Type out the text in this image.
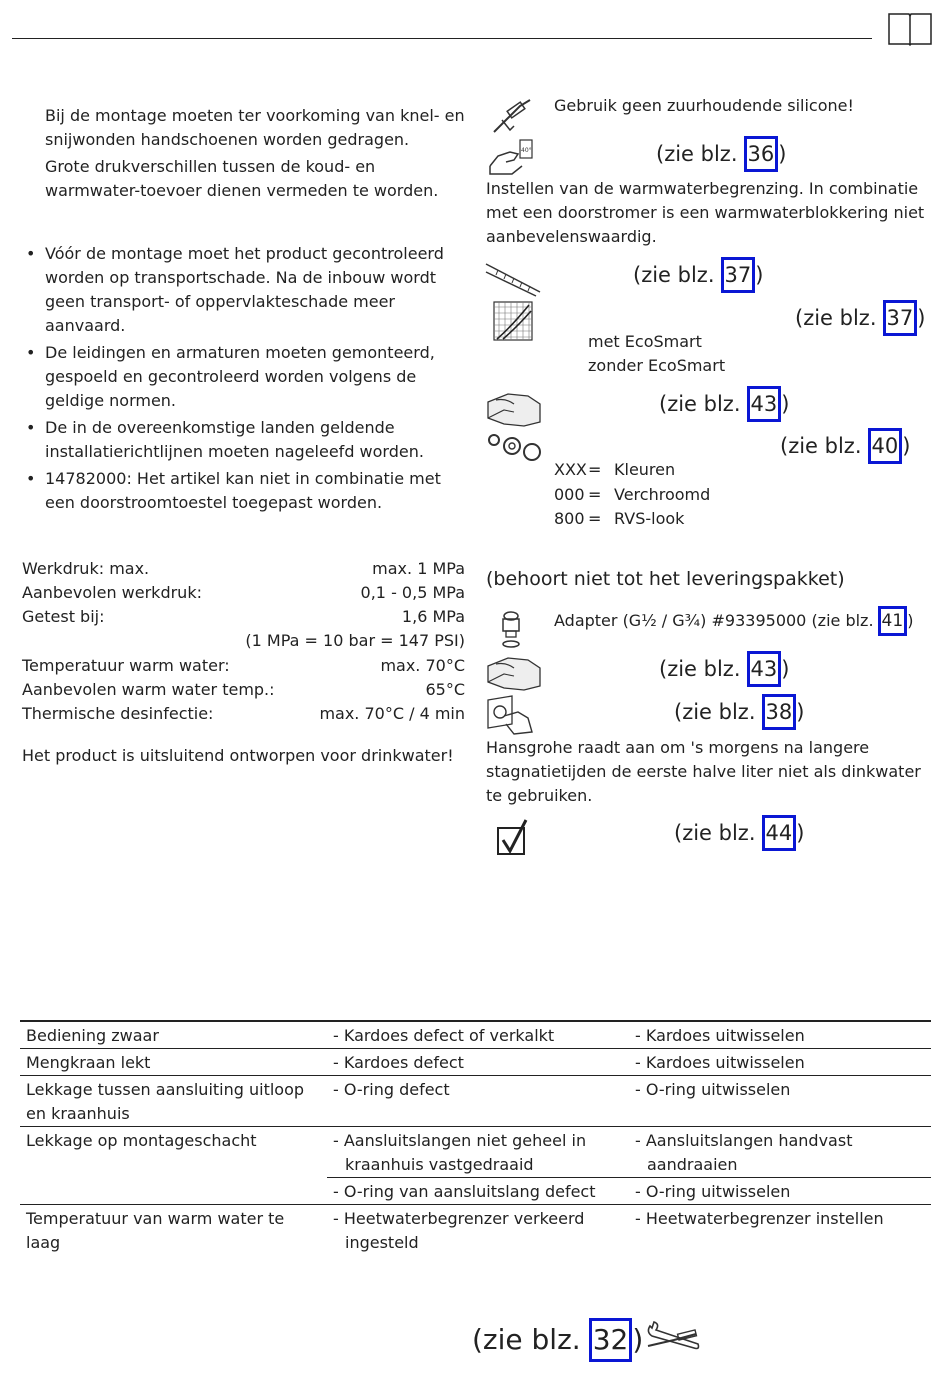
Bij de montage moeten ter voorkoming van knel- en snijwonden handschoenen worden gedragen.

Grote drukverschillen tussen de koud- en warmwater-toevoer dienen vermeden te worden.

• Vóór de montage moet het product gecontroleerd worden op transportschade. Na de inbouw wordt geen transport- of oppervlakteschade meer aanvaard.
• De leidingen en armaturen moeten gemonteerd, gespoeld en gecontroleerd worden volgens de geldige normen.
• De in de overeenkomstige landen geldende installatierichtlijnen moeten nageleefd worden.
• 14782000: Het artikel kan niet in combinatie met een doorstroomtoestel toegepast worden.
Werkdruk: max.	max. 1 MPa
Aanbevolen werkdruk:	0,1 - 0,5 MPa
Getest bij:	1,6 MPa
(1 MPa = 10 bar = 147 PSI)
Temperatuur warm water:	max. 70°C
Aanbevolen warm water temp.:	65°C
Thermische desinfectie:	max. 70°C / 4 min

Het product is uitsluitend ontworpen voor drinkwater!

Gebruik geen zuurhoudende silicone!
40°	(zie blz. 36 )

Instellen van de warmwaterbegrenzing. In combinatie met een doorstromer is een warmwaterblokkering niet aanbevelenswaardig.

(zie blz. 37 )
(zie blz. 37 )
met EcoSmart
zonder EcoSmart
(zie blz. 43 )
(zie blz. 40 )
XXX= Kleuren
000 = Verchroomd
800 = RVS-look
(behoort niet tot het leveringspakket)
Adapter (G½ / G¾) #93395000 (zie blz. 41 )
(zie blz. 43 )
(zie blz. 38 )

Hansgrohe raadt aan om 's morgens na langere stagnatietijden de eerste halve liter niet als dinkwater te gebruiken.

(zie blz. 44 )
Bediening zwaar	- Kardoes defect of verkalkt	- Kardoes uitwisselen

Mengkraan lekt	- Kardoes defect	- Kardoes uitwisselen

Lekkage tussen aansluiting uitloop en kraanhuis	- O-ring defect	- O-ring uitwisselen

Lekkage op montageschacht	- Aansluitslangen niet geheel in kraanhuis vastgedraaid	- Aansluitslangen handvast aandraaien

	- O-ring van aansluitslang defect	- O-ring uitwisselen

Temperatuur van warm water te laag	- Heetwaterbegrenzer verkeerd ingesteld	- Heetwaterbegrenzer instellen
(zie blz. 32 )
